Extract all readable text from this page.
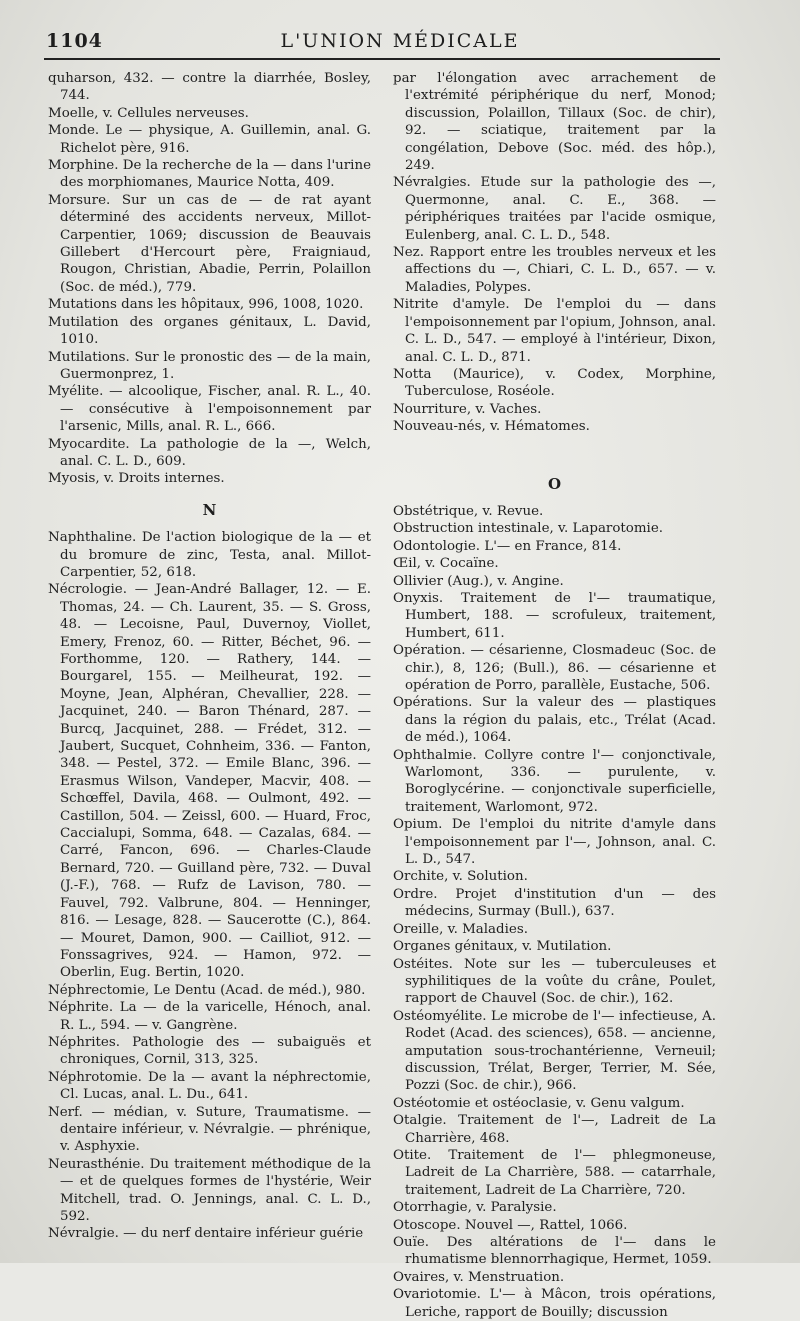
1104	L'UNION MÉDICALE

quharson, 432. — contre la diarrhée, Bosley, 744.

Moelle, v. Cellules nerveuses.

Monde. Le — physique, A. Guillemin, anal. G. Richelot père, 916.

Morphine. De la recherche de la — dans l'urine des morphiomanes, Maurice Notta, 409.

Morsure. Sur un cas de — de rat ayant déterminé des accidents nerveux, Millot-Carpentier, 1069; discussion de Beauvais Gillebert d'Hercourt père, Fraigniaud, Rougon, Christian, Abadie, Perrin, Polaillon (Soc. de méd.), 779.

Mutations dans les hôpitaux, 996, 1008, 1020.

Mutilation des organes génitaux, L. David, 1010.

Mutilations. Sur le pronostic des — de la main, Guermonprez, 1.

Myélite. — alcoolique, Fischer, anal. R. L., 40. — consécutive à l'empoisonnement par l'arsenic, Mills, anal. R. L., 666.

Myocardite. La pathologie de la —, Welch, anal. C. L. D., 609.

Myosis, v. Droits internes.

N

Naphthaline. De l'action biologique de la — et du bromure de zinc, Testa, anal. Millot-Carpentier, 52, 618.

Nécrologie. — Jean-André Ballager, 12. — E. Thomas, 24. — Ch. Laurent, 35. — S. Gross, 48. — Lecoisne, Paul, Duvernoy, Viollet, Emery, Frenoz, 60. — Ritter, Béchet, 96. — Forthomme, 120. — Rathery, 144. — Bourgarel, 155. — Meilheurat, 192. — Moyne, Jean, Alphéran, Chevallier, 228. — Jacquinet, 240. — Baron Thénard, 287. — Burcq, Jacquinet, 288. — Frédet, 312. — Jaubert, Sucquet, Cohnheim, 336. — Fanton, 348. — Pestel, 372. — Emile Blanc, 396. — Erasmus Wilson, Vandeper, Macvir, 408. — Schœffel, Davila, 468. — Oulmont, 492. — Castillon, 504. — Zeissl, 600. — Huard, Froc, Caccialupi, Somma, 648. — Cazalas, 684. — Carré, Fancon, 696. — Charles-Claude Bernard, 720. — Guilland père, 732. — Duval (J.-F.), 768. — Rufz de Lavison, 780. — Fauvel, 792. Valbrune, 804. — Henninger, 816. — Lesage, 828. — Saucerotte (C.), 864. — Mouret, Damon, 900. — Cailliot, 912. — Fonssagrives, 924. — Hamon, 972. — Oberlin, Eug. Bertin, 1020.

Néphrectomie, Le Dentu (Acad. de méd.), 980.

Néphrite. La — de la varicelle, Hénoch, anal. R. L., 594. — v. Gangrène.

Néphrites. Pathologie des — subaiguës et chroniques, Cornil, 313, 325.

Néphrotomie. De la — avant la néphrectomie, Cl. Lucas, anal. L. Du., 641.

Nerf. — médian, v. Suture, Traumatisme. — dentaire inférieur, v. Névralgie. — phrénique, v. Asphyxie.

Neurasthénie. Du traitement méthodique de la — et de quelques formes de l'hystérie, Weir Mitchell, trad. O. Jennings, anal. C. L. D., 592.

Névralgie. — du nerf dentaire inférieur guérie

par l'élongation avec arrachement de l'extrémité périphérique du nerf, Monod; discussion, Polaillon, Tillaux (Soc. de chir), 92. — sciatique, traitement par la congélation, Debove (Soc. méd. des hôp.), 249.

Névralgies. Etude sur la pathologie des —, Quermonne, anal. C. E., 368. — périphériques traitées par l'acide osmique, Eulenberg, anal. C. L. D., 548.

Nez. Rapport entre les troubles nerveux et les affections du —, Chiari, C. L. D., 657. — v. Maladies, Polypes.

Nitrite d'amyle. De l'emploi du — dans l'empoisonnement par l'opium, Johnson, anal. C. L. D., 547. — employé à l'intérieur, Dixon, anal. C. L. D., 871.

Notta (Maurice), v. Codex, Morphine, Tuberculose, Roséole.

Nourriture, v. Vaches.

Nouveau-nés, v. Hématomes.

O

Obstétrique, v. Revue.

Obstruction intestinale, v. Laparotomie.

Odontologie. L'— en France, 814.

Œil, v. Cocaïne.

Ollivier (Aug.), v. Angine.

Onyxis. Traitement de l'— traumatique, Humbert, 188. — scrofuleux, traitement, Humbert, 611.

Opération. — césarienne, Closmadeuc (Soc. de chir.), 8, 126; (Bull.), 86. — césarienne et opération de Porro, parallèle, Eustache, 506.

Opérations. Sur la valeur des — plastiques dans la région du palais, etc., Trélat (Acad. de méd.), 1064.

Ophthalmie. Collyre contre l'— conjonctivale, Warlomont, 336. — purulente, v. Boroglycérine. — conjonctivale superficielle, traitement, Warlomont, 972.

Opium. De l'emploi du nitrite d'amyle dans l'empoisonnement par l'—, Johnson, anal. C. L. D., 547.

Orchite, v. Solution.

Ordre. Projet d'institution d'un — des médecins, Surmay (Bull.), 637.

Oreille, v. Maladies.

Organes génitaux, v. Mutilation.

Ostéites. Note sur les — tuberculeuses et syphilitiques de la voûte du crâne, Poulet, rapport de Chauvel (Soc. de chir.), 162.

Ostéomyélite. Le microbe de l'— infectieuse, A. Rodet (Acad. des sciences), 658. — ancienne, amputation sous-trochantérienne, Verneuil; discussion, Trélat, Berger, Terrier, M. Sée, Pozzi (Soc. de chir.), 966.

Ostéotomie et ostéoclasie, v. Genu valgum.

Otalgie. Traitement de l'—, Ladreit de La Charrière, 468.

Otite. Traitement de l'— phlegmoneuse, Ladreit de La Charrière, 588. — catarrhale, traitement, Ladreit de La Charrière, 720.

Otorrhagie, v. Paralysie.

Otoscope. Nouvel —, Rattel, 1066.

Ouïe. Des altérations de l'— dans le rhumatisme blennorrhagique, Hermet, 1059.

Ovaires, v. Menstruation.

Ovariotomie. L'— à Mâcon, trois opérations, Leriche, rapport de Bouilly; discussion
